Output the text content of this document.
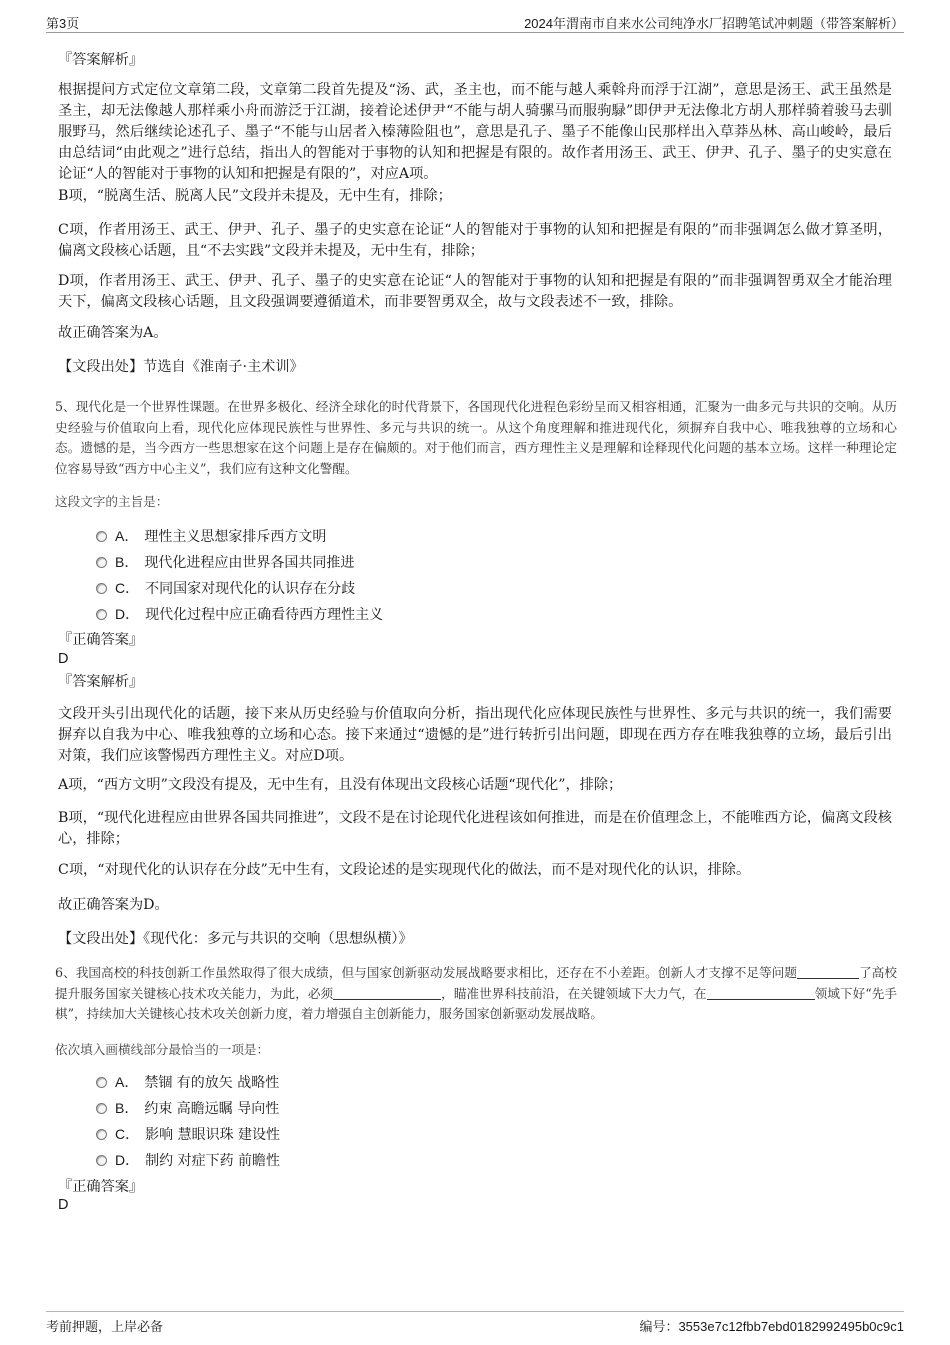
第3页	2024年渭南市自来水公司纯净水厂招聘笔试冲刺题（带答案解析）
『答案解析』
根据提问方式定位文章第二段，文章第二段首先提及“汤、武，圣主也，而不能与越人乘斡舟而浮于江湖”，意思是汤王、武王虽然是圣主，却无法像越人那样乘小舟而游泛于江湖，接着论述伊尹“不能与胡人骑骡马而服驹騄”即伊尹无法像北方胡人那样骑着骏马去驯服野马，然后继续论述孔子、墨子“不能与山居者入榛薄险阻也”，意思是孔子、墨子不能像山民那样出入草莽丛林、高山峻岭，最后由总结词“由此观之”进行总结，指出人的智能对于事物的认知和把握是有限的。故作者用汤王、武王、伊尹、孔子、墨子的史实意在论证“人的智能对于事物的认知和把握是有限的”，对应A项。
B项，“脱离生活、脱离人民”文段并未提及，无中生有，排除；
C项，作者用汤王、武王、伊尹、孔子、墨子的史实意在论证“人的智能对于事物的认知和把握是有限的”而非强调怎么做才算圣明，偏离文段核心话题，且“不去实践”文段并未提及，无中生有，排除；
D项，作者用汤王、武王、伊尹、孔子、墨子的史实意在论证“人的智能对于事物的认知和把握是有限的”而非强调智勇双全才能治理天下，偏离文段核心话题，且文段强调要遵循道术，而非要智勇双全，故与文段表述不一致，排除。
故正确答案为A。
【文段出处】节选自《淮南子·主术训》
5、现代化是一个世界性课题。在世界多极化、经济全球化的时代背景下，各国现代化进程色彩纷呈而又相容相通，汇聚为一曲多元与共识的交响。从历史经验与价值取向上看，现代化应体现民族性与世界性、多元与共识的统一。从这个角度理解和推进现代化，须摒弃自我中心、唯我独尊的立场和心态。遗憾的是，当今西方一些思想家在这个问题上是存在偏颇的。对于他们而言，西方理性主义是理解和诠释现代化问题的基本立场。这样一种理论定位容易导致“西方中心主义”，我们应有这种文化警醒。
这段文字的主旨是：
A． 理性主义思想家排斥西方文明
B． 现代化进程应由世界各国共同推进
C． 不同国家对现代化的认识存在分歧
D． 现代化过程中应正确看待西方理性主义
『正确答案』
D
『答案解析』
文段开头引出现代化的话题，接下来从历史经验与价值取向分析，指出现代化应体现民族性与世界性、多元与共识的统一，我们需要摒弃以自我为中心、唯我独尊的立场和心态。接下来通过“遗憾的是”进行转折引出问题，即现在西方存在唯我独尊的立场，最后引出对策，我们应该警惕西方理性主义。对应D项。
A项，“西方文明”文段没有提及，无中生有，且没有体现出文段核心话题“现代化”，排除；
B项，“现代化进程应由世界各国共同推进”，文段不是在讨论现代化进程该如何推进，而是在价值理念上，不能唯西方论，偏离文段核心，排除；
C项，“对现代化的认识存在分歧”无中生有，文段论述的是实现现代化的做法，而不是对现代化的认识，排除。
故正确答案为D。
【文段出处】《现代化：多元与共识的交响（思想纵横）》
6、我国高校的科技创新工作虽然取得了很大成绩，但与国家创新驱动发展战略要求相比，还存在不小差距。创新人才支撑不足等问题	了高校提升服务国家关键核心技术攻关能力，为此，必须	，瞄准世界科技前沿，在关键领域下大力气，在	领域下好“先手棋”，持续加大关键核心技术攻关创新力度，着力增强自主创新能力，服务国家创新驱动发展战略。
依次填入画横线部分最恰当的一项是：
A． 禁锢 有的放矢 战略性
B． 约束 高瞻远瞩 导向性
C． 影响 慧眼识珠 建设性
D． 制约 对症下药 前瞻性
『正确答案』
D
考前押题，上岸必备	编号：3553e7c12fbb7ebd0182992495b0c9c1
